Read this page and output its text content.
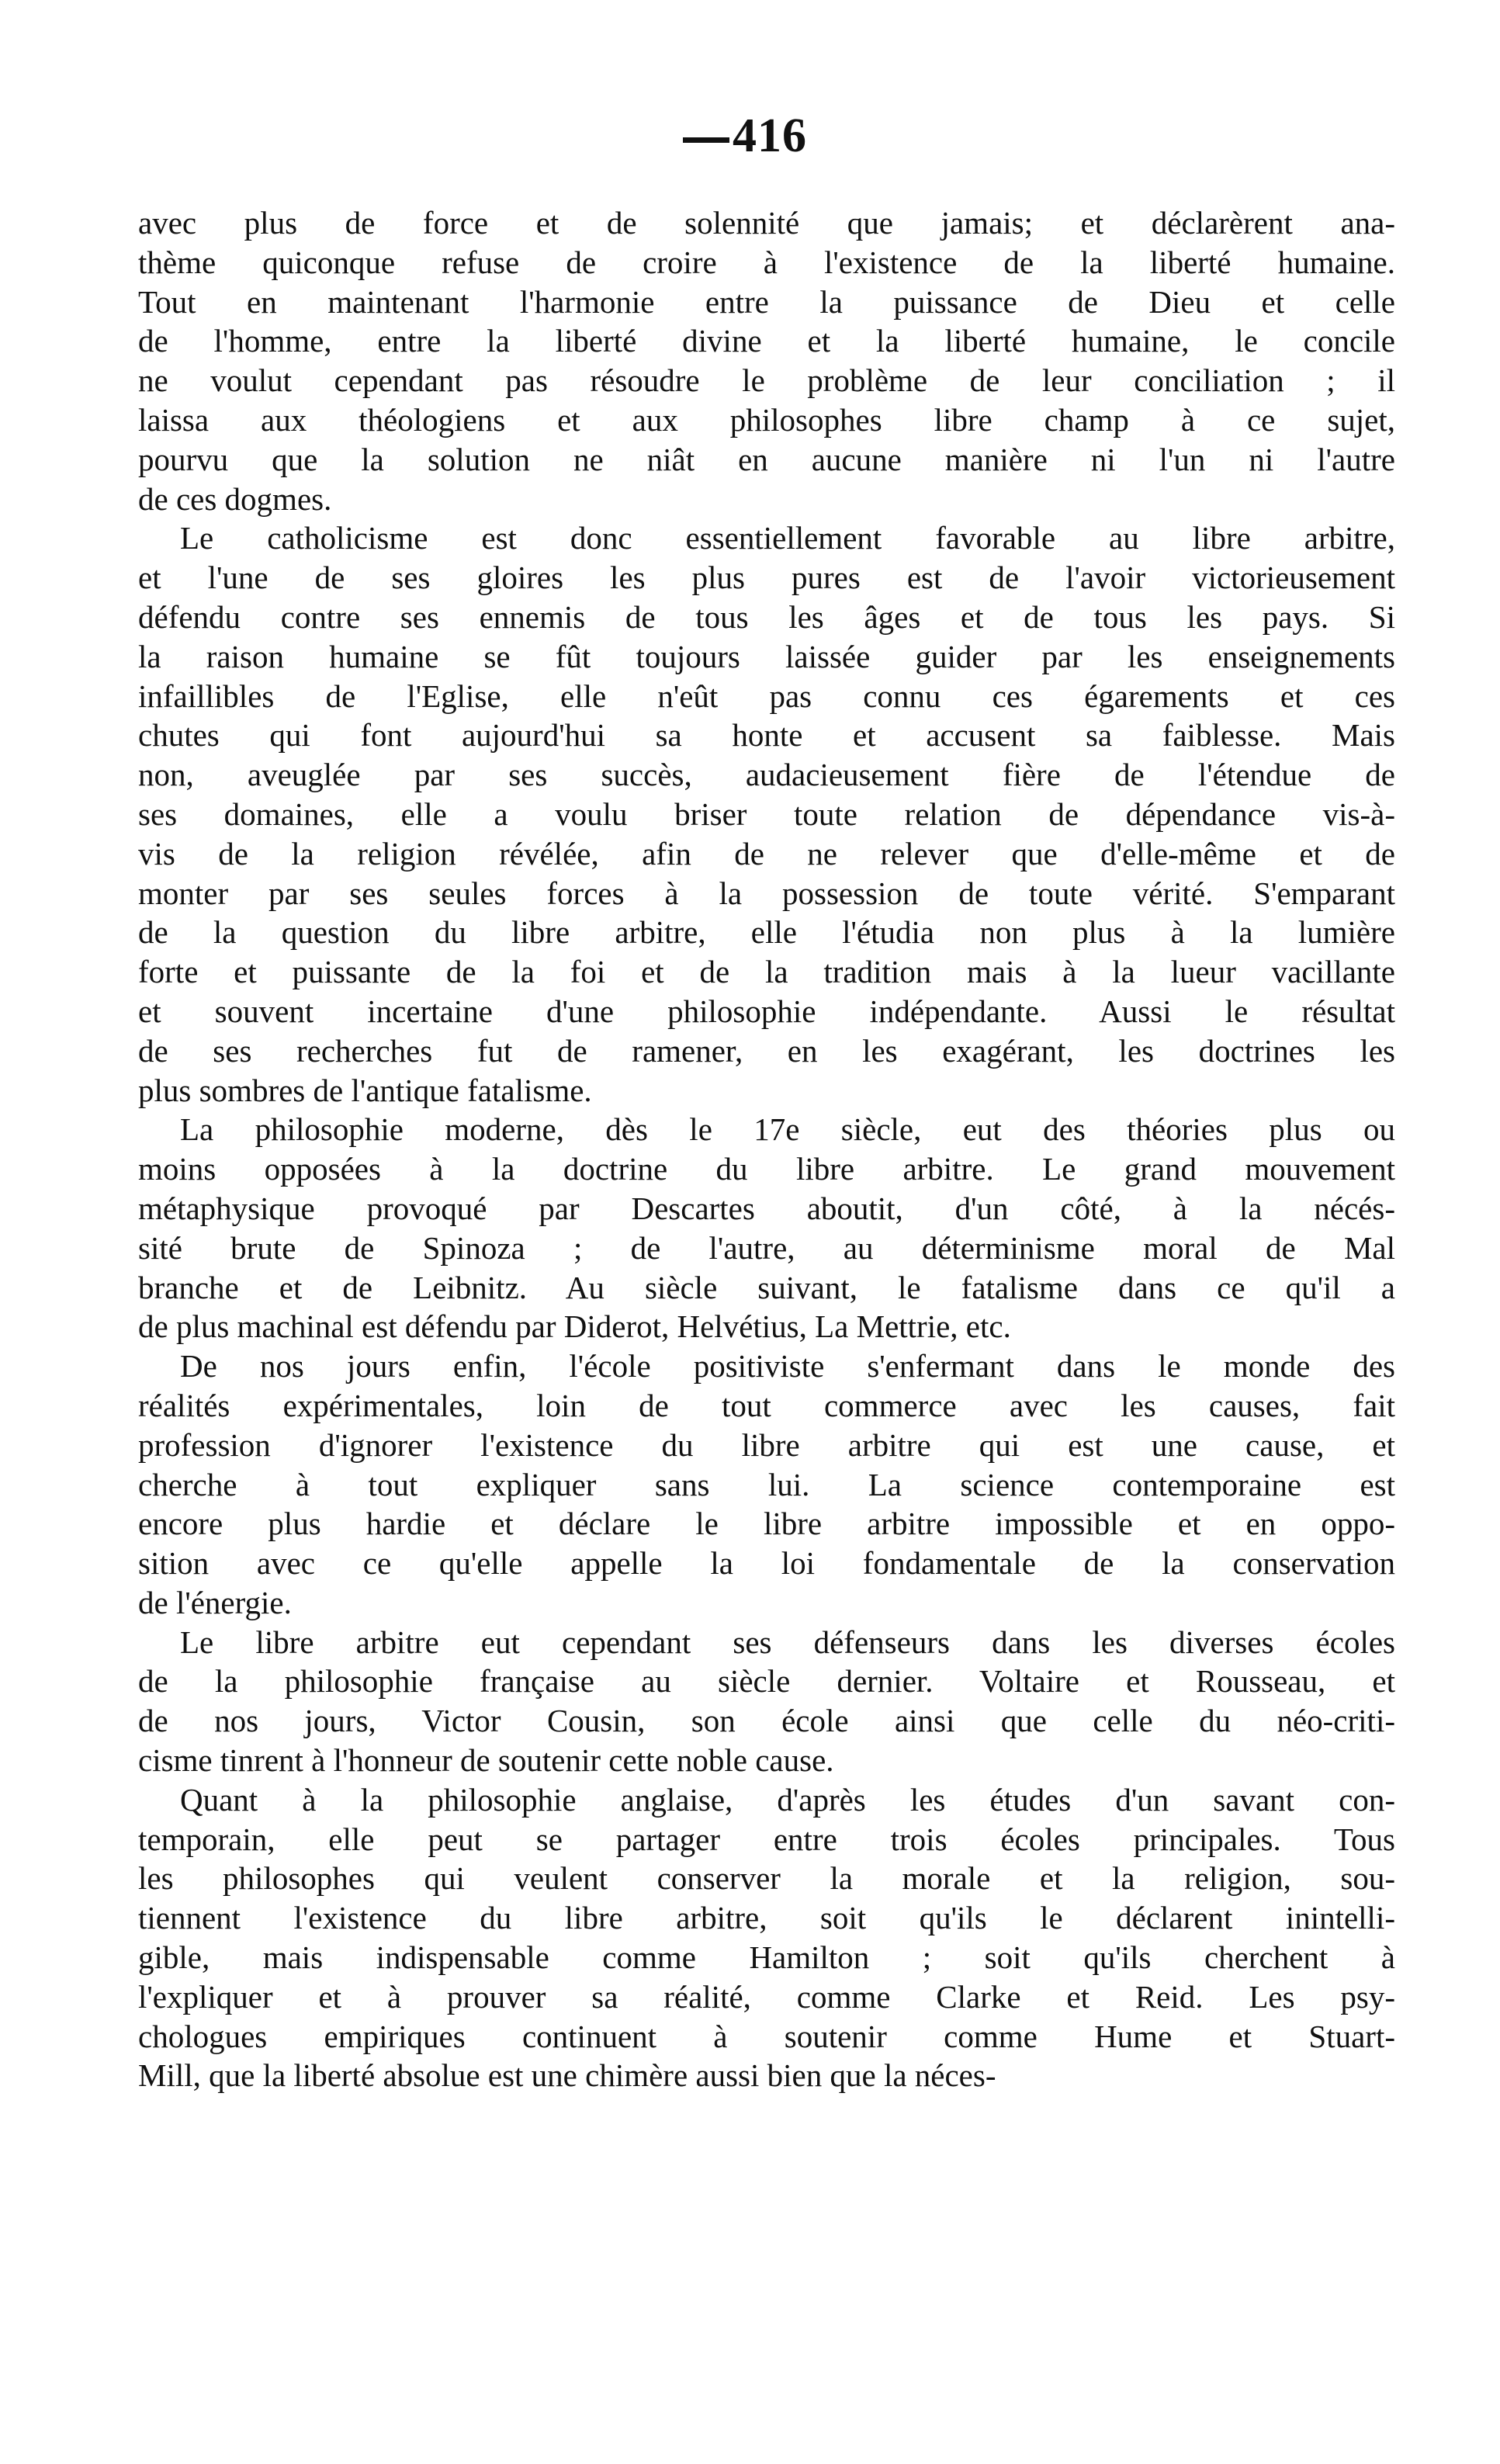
416
avec plus de force et de solennité que jamais; et déclarèrent ana-
thème quiconque refuse de croire à l'existence de la liberté humaine.
Tout en maintenant l'harmonie entre la puissance de Dieu et celle
de l'homme, entre la liberté divine et la liberté humaine, le concile
ne voulut cependant pas résoudre le problème de leur conciliation ; il
laissa aux théologiens et aux philosophes libre champ à ce sujet,
pourvu que la solution ne niât en aucune manière ni l'un ni l'autre
de ces dogmes.
Le catholicisme est donc essentiellement favorable au libre arbitre,
et l'une de ses gloires les plus pures est de l'avoir victorieusement
défendu contre ses ennemis de tous les âges et de tous les pays. Si
la raison humaine se fût toujours laissée guider par les enseignements
infaillibles de l'Eglise, elle n'eût pas connu ces égarements et ces
chutes qui font aujourd'hui sa honte et accusent sa faiblesse. Mais
non, aveuglée par ses succès, audacieusement fière de l'étendue de
ses domaines, elle a voulu briser toute relation de dépendance vis-à-
vis de la religion révélée, afin de ne relever que d'elle-même et de
monter par ses seules forces à la possession de toute vérité. S'emparant
de la question du libre arbitre, elle l'étudia non plus à la lumière
forte et puissante de la foi et de la tradition mais à la lueur vacillante
et souvent incertaine d'une philosophie indépendante. Aussi le résultat
de ses recherches fut de ramener, en les exagérant, les doctrines les
plus sombres de l'antique fatalisme.
La philosophie moderne, dès le 17e siècle, eut des théories plus ou
moins opposées à la doctrine du libre arbitre. Le grand mouvement
métaphysique provoqué par Descartes aboutit, d'un côté, à la nécés-
sité brute de Spinoza ; de l'autre, au déterminisme moral de Mal
branche et de Leibnitz. Au siècle suivant, le fatalisme dans ce qu'il a
de plus machinal est défendu par Diderot, Helvétius, La Mettrie, etc.
De nos jours enfin, l'école positiviste s'enfermant dans le monde des
réalités expérimentales, loin de tout commerce avec les causes, fait
profession d'ignorer l'existence du libre arbitre qui est une cause, et
cherche à tout expliquer sans lui. La science contemporaine est
encore plus hardie et déclare le libre arbitre impossible et en oppo-
sition avec ce qu'elle appelle la loi fondamentale de la conservation
de l'énergie.
Le libre arbitre eut cependant ses défenseurs dans les diverses écoles
de la philosophie française au siècle dernier. Voltaire et Rousseau, et
de nos jours, Victor Cousin, son école ainsi que celle du néo-criti-
cisme tinrent à l'honneur de soutenir cette noble cause.
Quant à la philosophie anglaise, d'après les études d'un savant con-
temporain, elle peut se partager entre trois écoles principales. Tous
les philosophes qui veulent conserver la morale et la religion, sou-
tiennent l'existence du libre arbitre, soit qu'ils le déclarent inintelli-
gible, mais indispensable comme Hamilton ; soit qu'ils cherchent à
l'expliquer et à prouver sa réalité, comme Clarke et Reid. Les psy-
chologues empiriques continuent à soutenir comme Hume et Stuart-
Mill, que la liberté absolue est une chimère aussi bien que la néces-
